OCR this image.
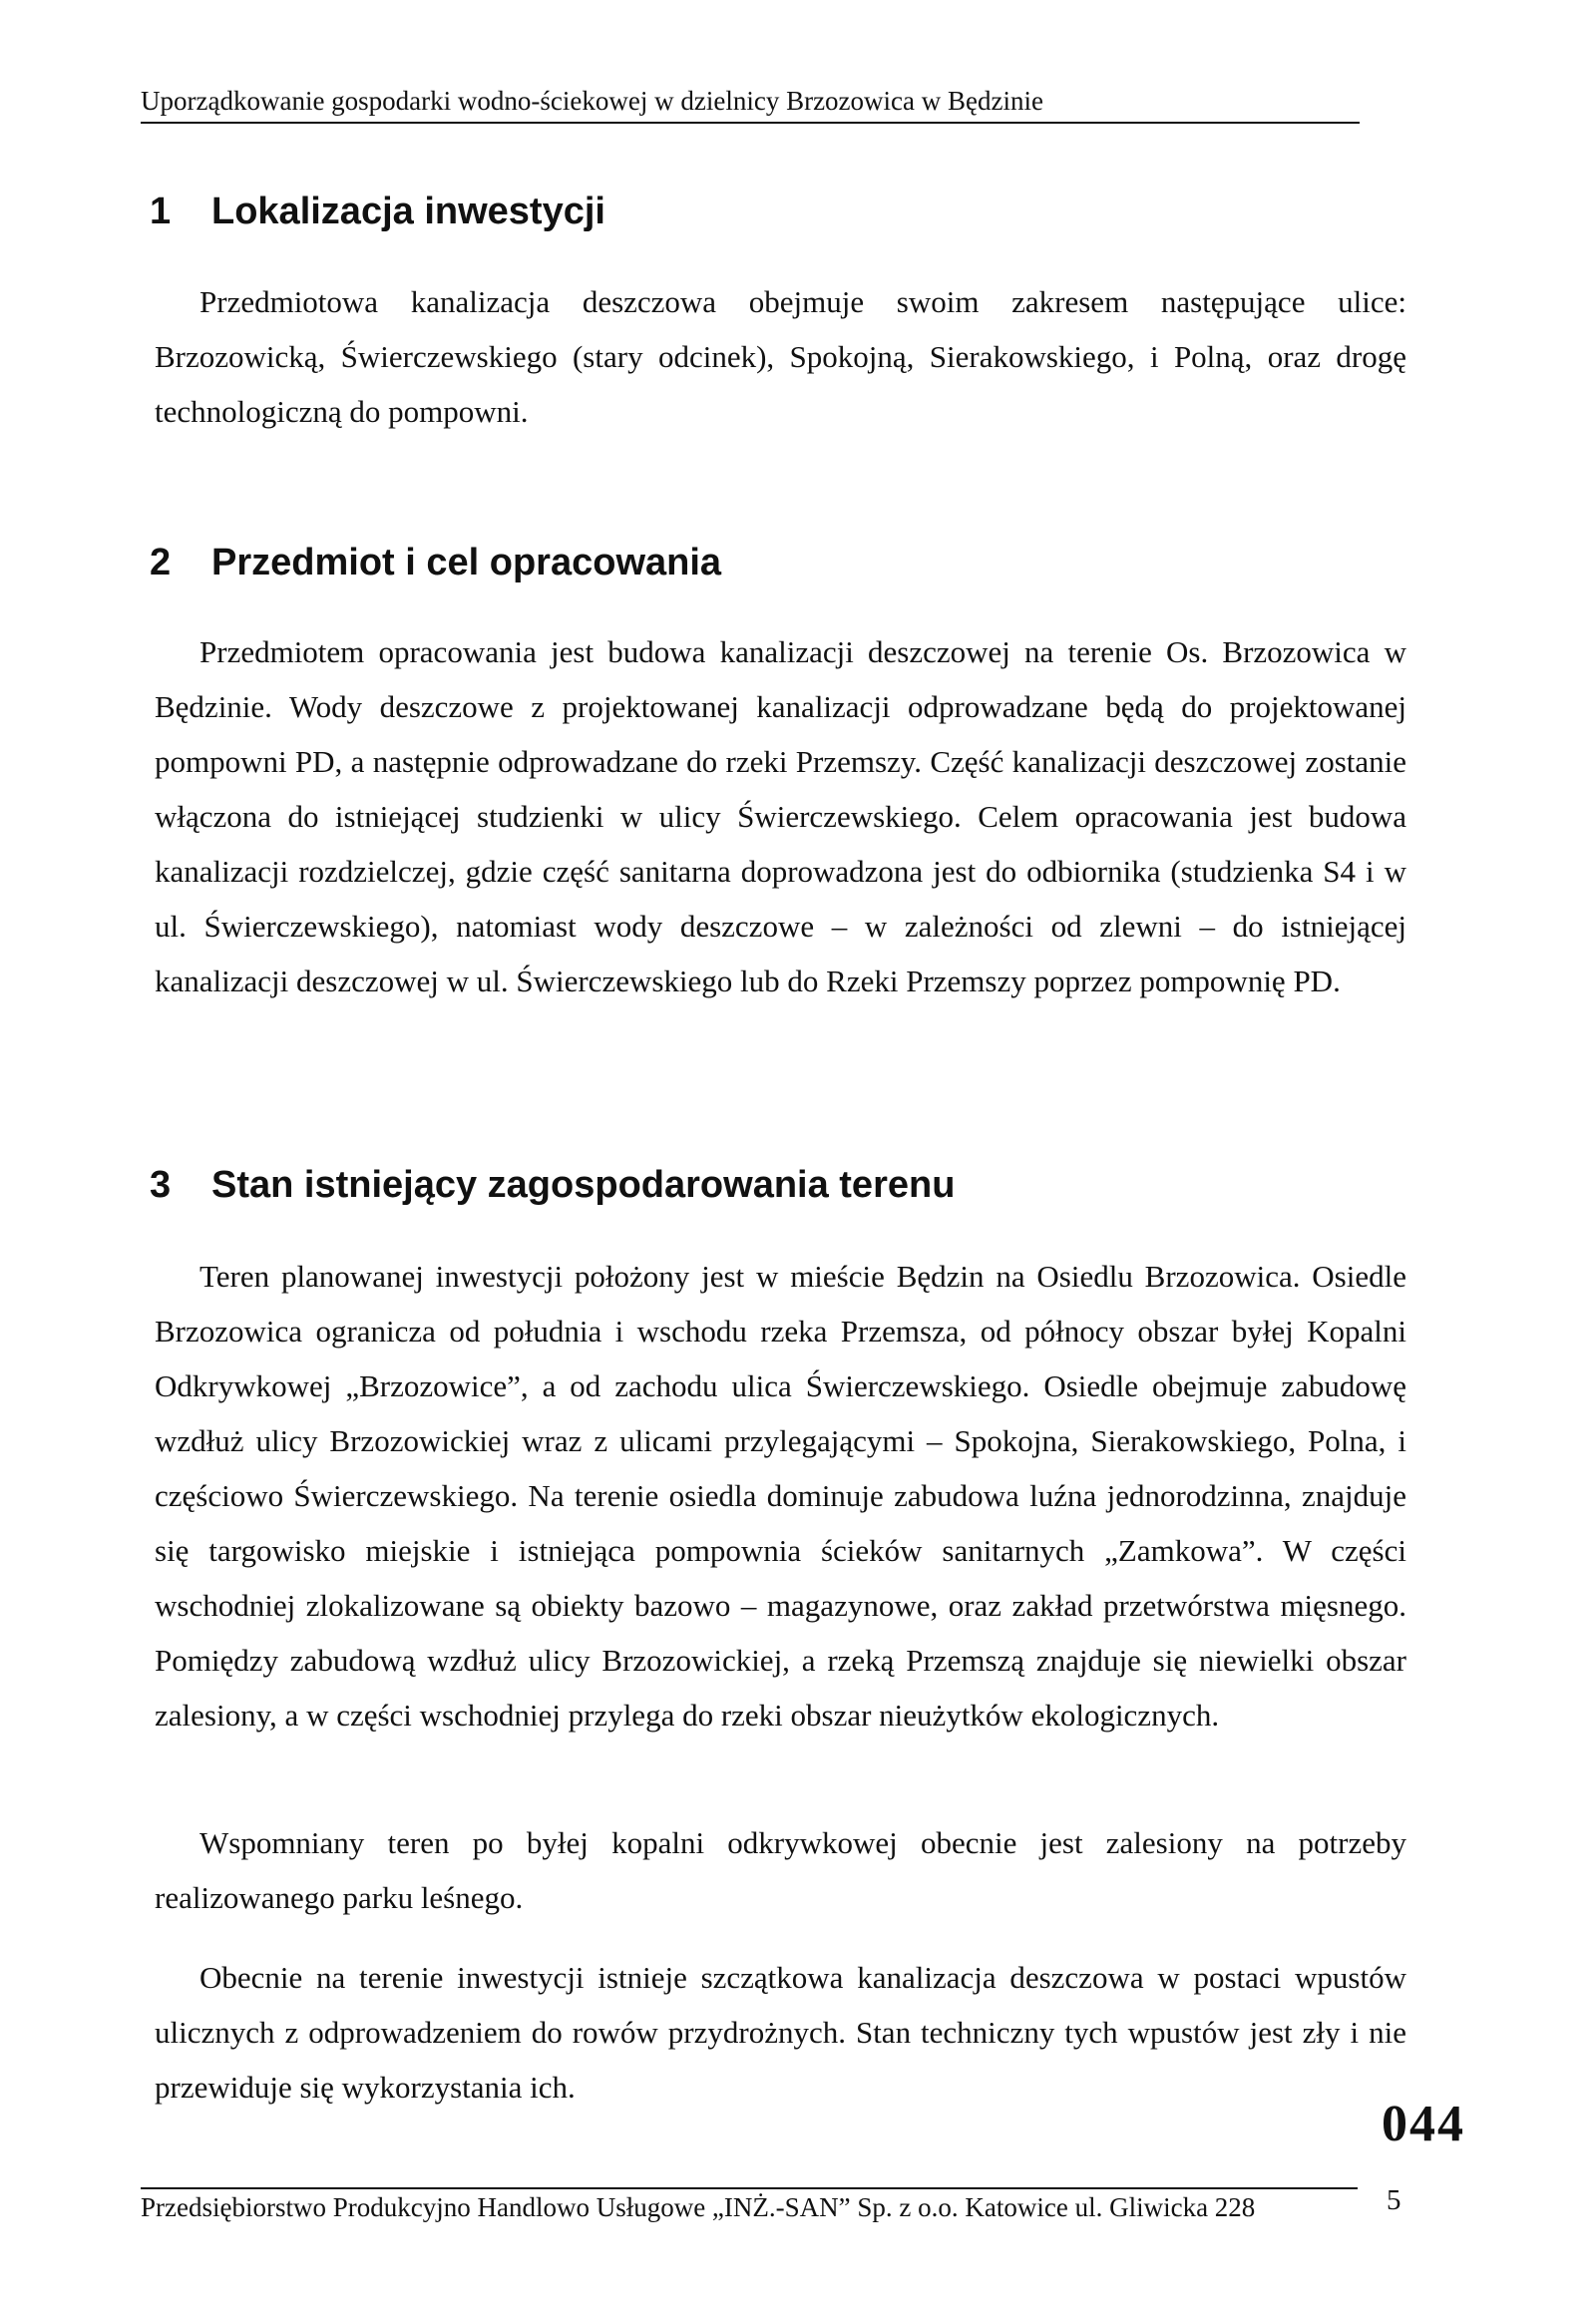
Uporządkowanie gospodarki wodno-ściekowej w dzielnicy Brzozowica w Będzinie
1 Lokalizacja inwestycji

Przedmiotowa kanalizacja deszczowa obejmuje swoim zakresem następujące ulice: Brzozowicką, Świerczewskiego (stary odcinek), Spokojną, Sierakowskiego, i Polną, oraz drogę technologiczną do pompowni.

2 Przedmiot i cel opracowania

Przedmiotem opracowania jest budowa kanalizacji deszczowej na terenie Os. Brzozowica w Będzinie. Wody deszczowe z projektowanej kanalizacji odprowadzane będą do projektowanej pompowni PD, a następnie odprowadzane do rzeki Przemszy. Część kanalizacji deszczowej zostanie włączona do istniejącej studzienki w ulicy Świerczewskiego. Celem opracowania jest budowa kanalizacji rozdzielczej, gdzie część sanitarna doprowadzona jest do odbiornika (studzienka S4 i w ul. Świerczewskiego), natomiast wody deszczowe – w zależności od zlewni – do istniejącej kanalizacji deszczowej w ul. Świerczewskiego lub do Rzeki Przemszy poprzez pompownię PD.

3 Stan istniejący zagospodarowania terenu

Teren planowanej inwestycji położony jest w mieście Będzin na Osiedlu Brzozowica. Osiedle Brzozowica ogranicza od południa i wschodu rzeka Przemsza, od północy obszar byłej Kopalni Odkrywkowej „Brzozowice”, a od zachodu ulica Świerczewskiego. Osiedle obejmuje zabudowę wzdłuż ulicy Brzozowickiej wraz z ulicami przylegającymi – Spokojna, Sierakowskiego, Polna, i częściowo Świerczewskiego. Na terenie osiedla dominuje zabudowa luźna jednorodzinna, znajduje się targowisko miejskie i istniejąca pompownia ścieków sanitarnych „Zamkowa”. W części wschodniej zlokalizowane są obiekty bazowo – magazynowe, oraz zakład przetwórstwa mięsnego. Pomiędzy zabudową wzdłuż ulicy Brzozowickiej, a rzeką Przemszą znajduje się niewielki obszar zalesiony, a w części wschodniej przylega do rzeki obszar nieużytków ekologicznych.

Wspomniany teren po byłej kopalni odkrywkowej obecnie jest zalesiony na potrzeby realizowanego parku leśnego.

Obecnie na terenie inwestycji istnieje szczątkowa kanalizacja deszczowa w postaci wpustów ulicznych z odprowadzeniem do rowów przydrożnych. Stan techniczny tych wpustów jest zły i nie przewiduje się wykorzystania ich.

044
Przedsiębiorstwo Produkcyjno Handlowo Usługowe „INŻ.-SAN” Sp. z o.o. Katowice ul. Gliwicka 228	5
